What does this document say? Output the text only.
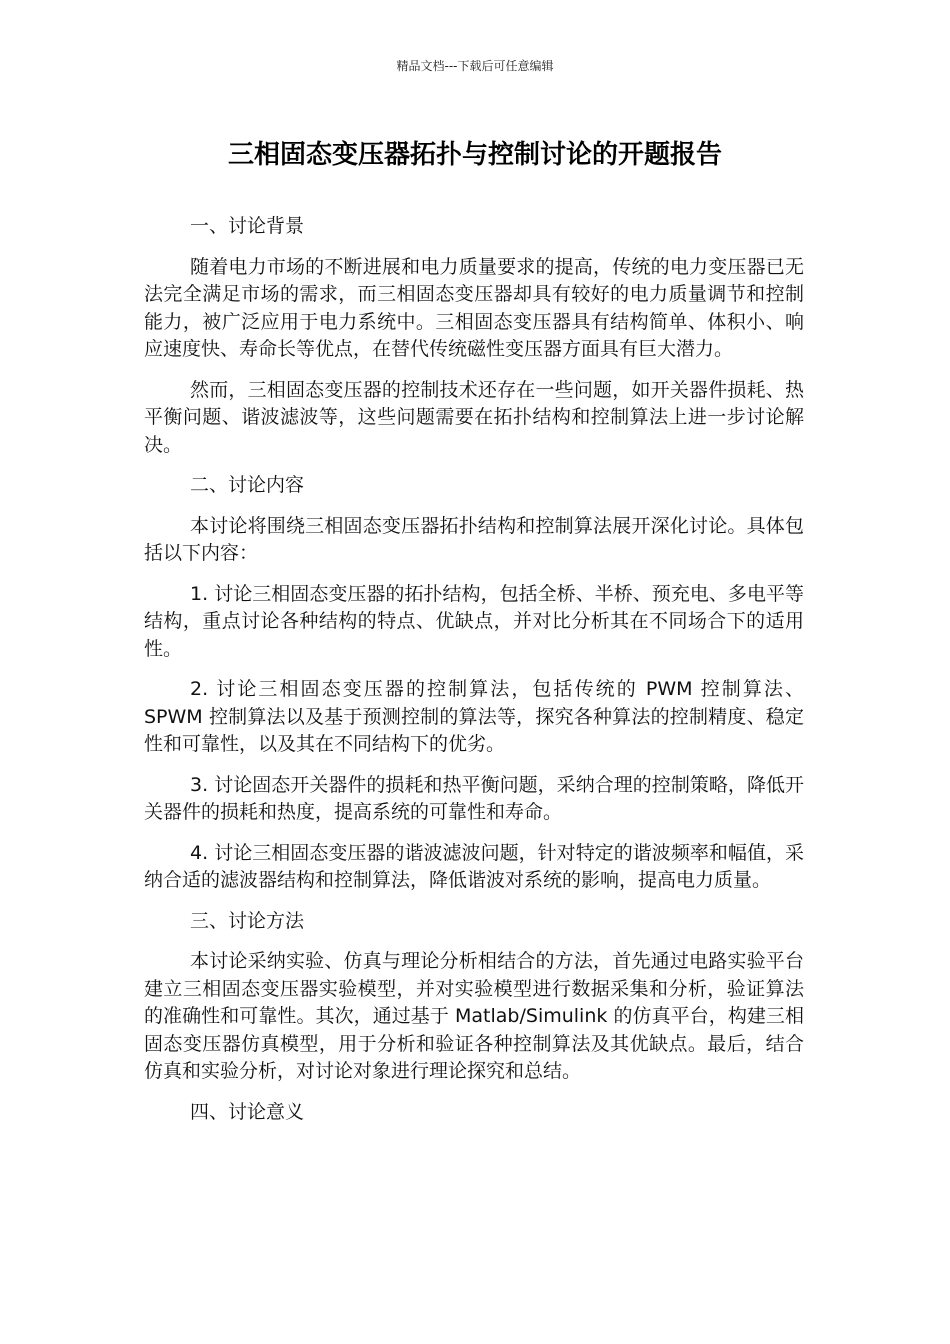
精品文档---下载后可任意编辑
三相固态变压器拓扑与控制讨论的开题报告

一、讨论背景

随着电力市场的不断进展和电力质量要求的提高，传统的电力变压器已无法完全满足市场的需求，而三相固态变压器却具有较好的电力质量调节和控制能力，被广泛应用于电力系统中。三相固态变压器具有结构简单、体积小、响应速度快、寿命长等优点，在替代传统磁性变压器方面具有巨大潜力。

然而，三相固态变压器的控制技术还存在一些问题，如开关器件损耗、热平衡问题、谐波滤波等，这些问题需要在拓扑结构和控制算法上进一步讨论解决。

二、讨论内容

本讨论将围绕三相固态变压器拓扑结构和控制算法展开深化讨论。具体包括以下内容：

1. 讨论三相固态变压器的拓扑结构，包括全桥、半桥、预充电、多电平等结构，重点讨论各种结构的特点、优缺点，并对比分析其在不同场合下的适用性。

2. 讨论三相固态变压器的控制算法，包括传统的 PWM 控制算法、SPWM 控制算法以及基于预测控制的算法等，探究各种算法的控制精度、稳定性和可靠性，以及其在不同结构下的优劣。

3. 讨论固态开关器件的损耗和热平衡问题，采纳合理的控制策略，降低开关器件的损耗和热度，提高系统的可靠性和寿命。

4. 讨论三相固态变压器的谐波滤波问题，针对特定的谐波频率和幅值，采纳合适的滤波器结构和控制算法，降低谐波对系统的影响，提高电力质量。

三、讨论方法

本讨论采纳实验、仿真与理论分析相结合的方法，首先通过电路实验平台建立三相固态变压器实验模型，并对实验模型进行数据采集和分析，验证算法的准确性和可靠性。其次，通过基于 Matlab/Simulink 的仿真平台，构建三相固态变压器仿真模型，用于分析和验证各种控制算法及其优缺点。最后，结合仿真和实验分析，对讨论对象进行理论探究和总结。

四、讨论意义
